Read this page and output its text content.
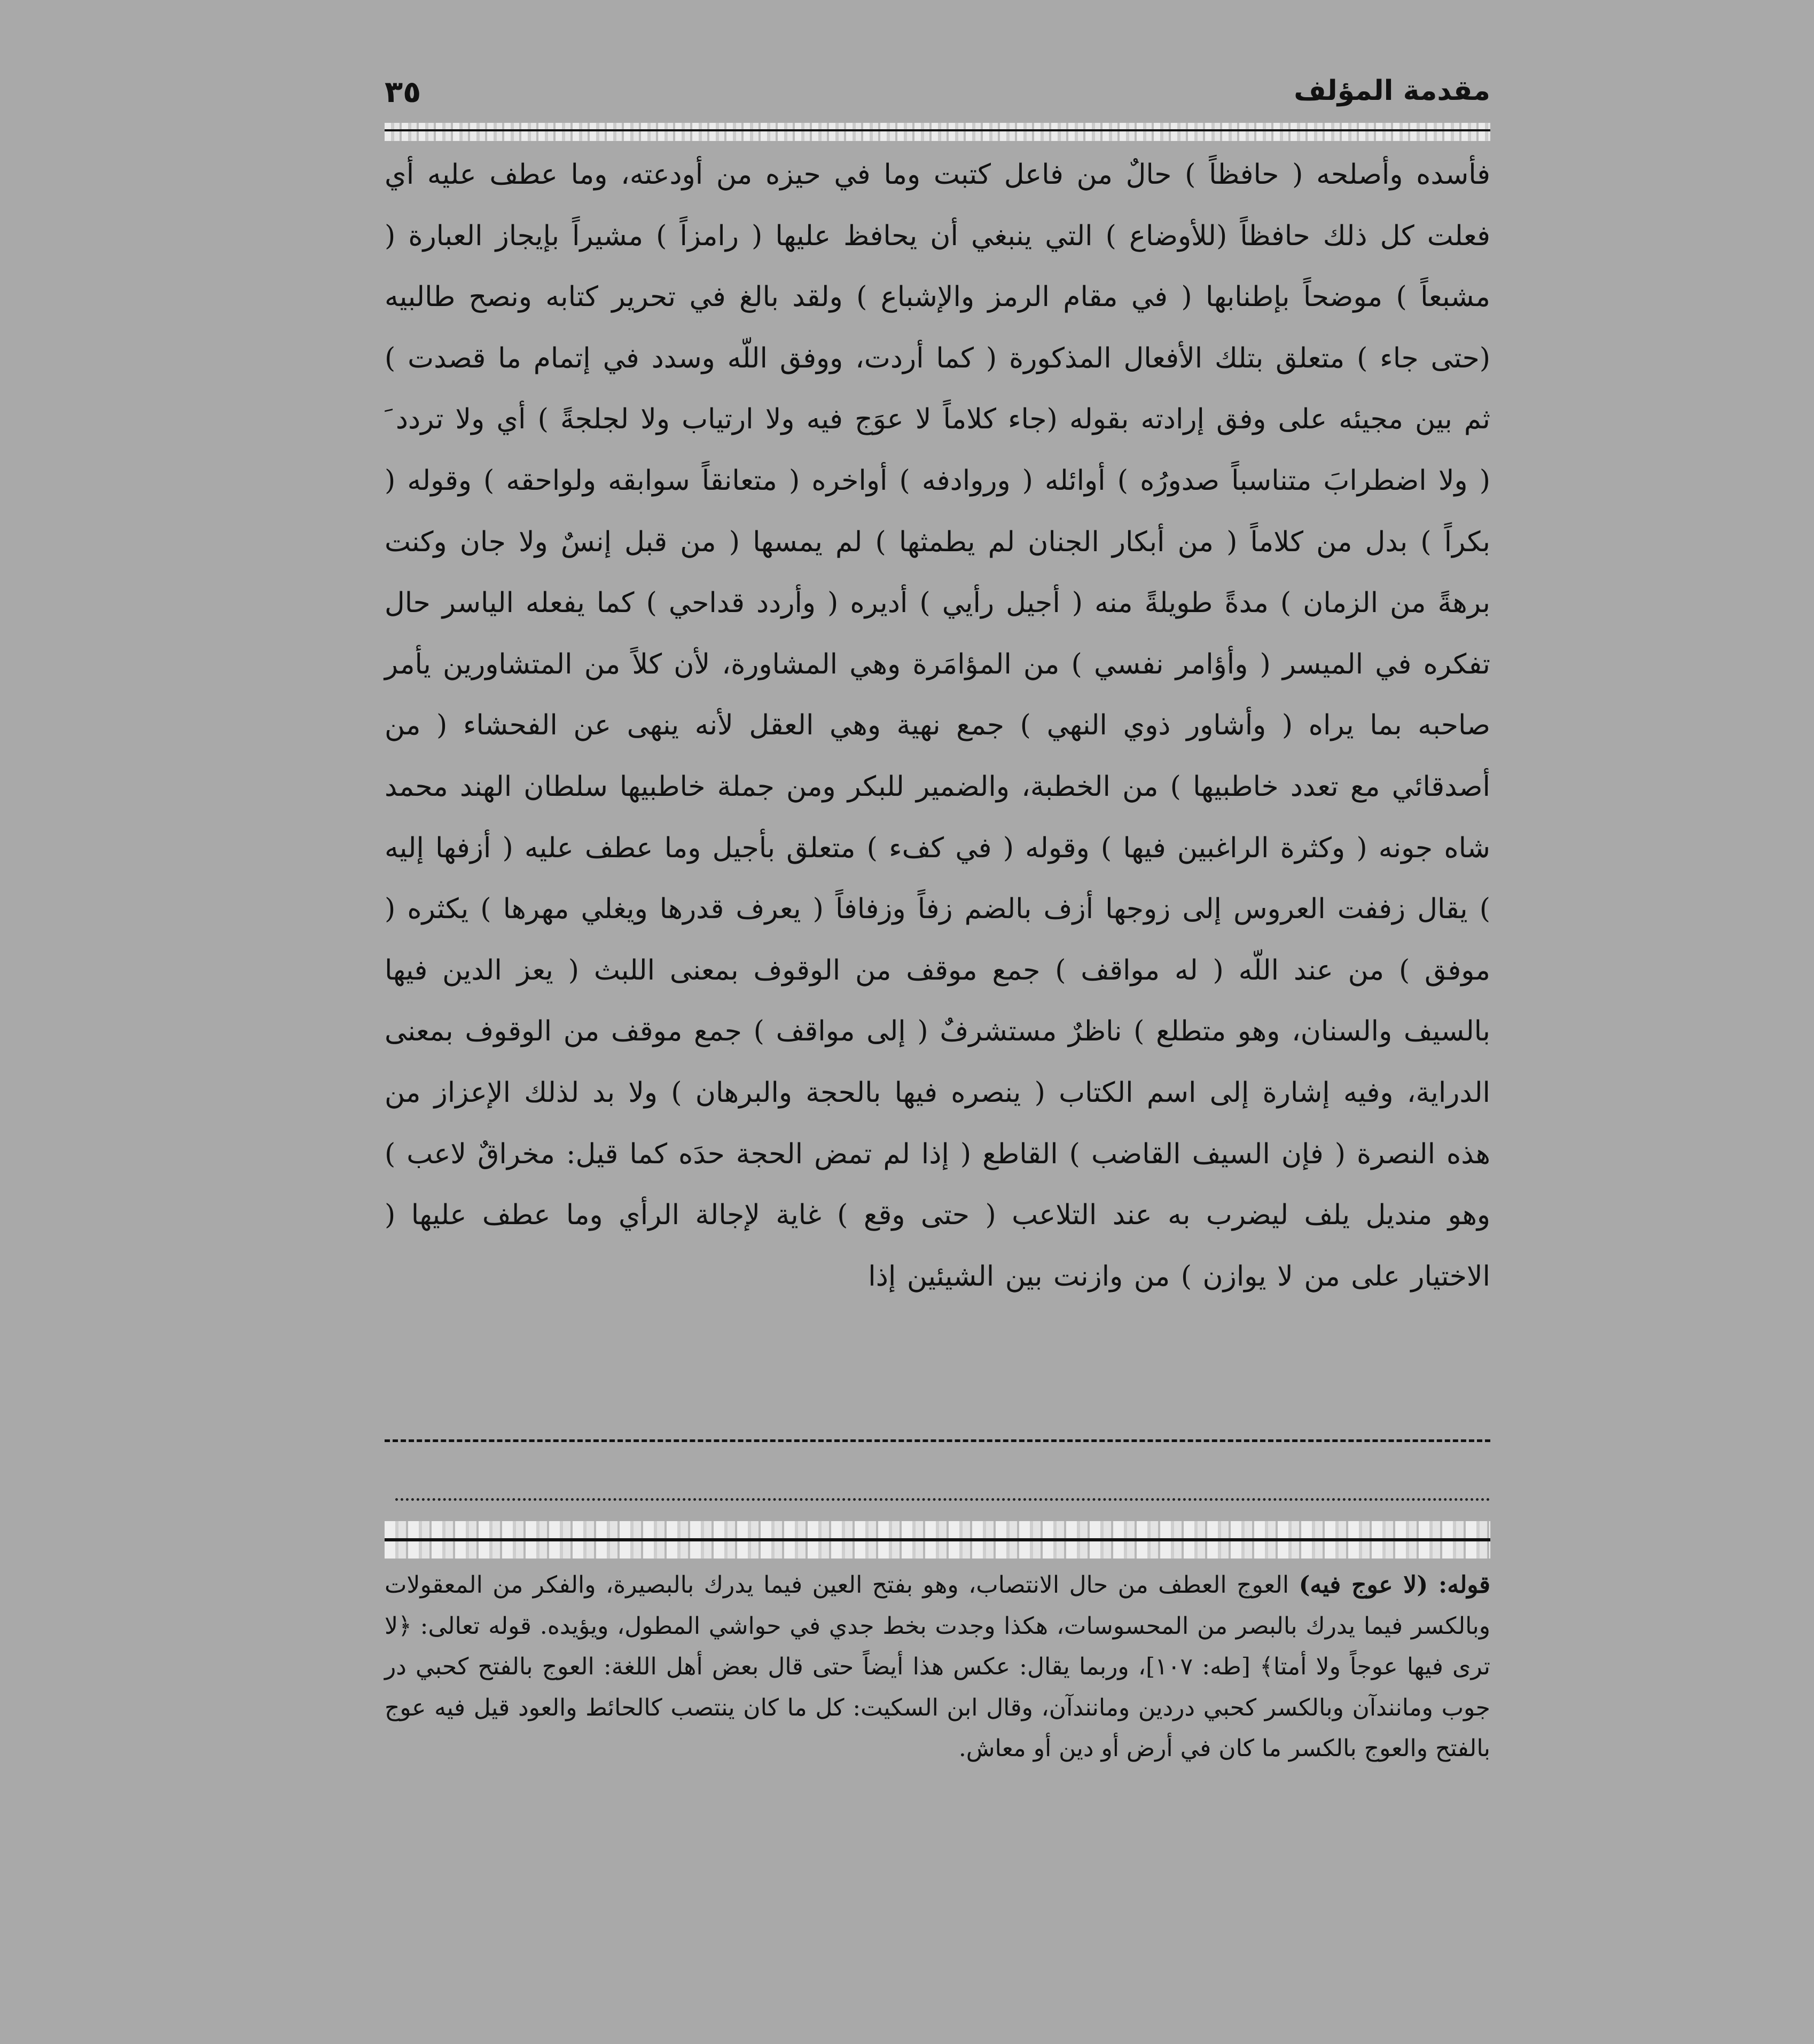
مقدمة المؤلف
٣٥

فأسده وأصلحه ( حافظاً ) حالٌ من فاعل كتبت وما في حيزه من أودعته، وما عطف عليه أي فعلت كل ذلك حافظاً (للأوضاع ) التي ينبغي أن يحافظ عليها ( رامزاً ) مشيراً بإيجاز العبارة ( مشبعاً ) موضحاً بإطنابها ( في مقام الرمز والإشباع ) ولقد بالغ في تحرير كتابه ونصح طالبيه (حتى جاء ) متعلق بتلك الأفعال المذكورة ( كما أردت، ووفق اللّه وسدد في إتمام ما قصدت ) ثم بين مجيئه على وفق إرادته بقوله (جاء كلاماً لا عوَج فيه ولا ارتياب ولا لجلجةً ) أي ولا تردد َ ( ولا اضطرابَ متناسباً صدورُه ) أوائله ( وروادفه ) أواخره ( متعانقاً سوابقه ولواحقه ) وقوله ( بكراً ) بدل من كلاماً ( من أبكار الجنان لم يطمثها ) لم يمسها ( من قبل إنسٌ ولا جان وكنت برهةً من الزمان ) مدةً طويلةً منه ( أجيل رأيي ) أديره ( وأردد قداحي ) كما يفعله الياسر حال تفكره في الميسر ( وأؤامر نفسي ) من المؤامَرة وهي المشاورة، لأن كلاً من المتشاورين يأمر صاحبه بما يراه ( وأشاور ذوي النهي ) جمع نهية وهي العقل لأنه ينهى عن الفحشاء ( من أصدقائي مع تعدد خاطبيها ) من الخطبة، والضمير للبكر ومن جملة خاطبيها سلطان الهند محمد شاه جونه ( وكثرة الراغبين فيها ) وقوله ( في كفء ) متعلق بأجيل وما عطف عليه ( أزفها إليه ) يقال زففت العروس إلى زوجها أزف بالضم زفاً وزفافاً ( يعرف قدرها ويغلي مهرها ) يكثره ( موفق ) من عند اللّه ( له مواقف ) جمع موقف من الوقوف بمعنى اللبث ( يعز الدين فيها بالسيف والسنان، وهو متطلع ) ناظرٌ مستشرفٌ ( إلى مواقف ) جمع موقف من الوقوف بمعنى الدراية، وفيه إشارة إلى اسم الكتاب ( ينصره فيها بالحجة والبرهان ) ولا بد لذلك الإعزاز من هذه النصرة ( فإن السيف القاضب ) القاطع ( إذا لم تمض الحجة حدَه كما قيل: مخراقٌ لاعب ) وهو منديل يلف ليضرب به عند التلاعب ( حتى وقع ) غاية لإجالة الرأي وما عطف عليها ( الاختيار على من لا يوازن ) من وازنت بين الشيئين إذا

قوله: (لا عوج فيه) العوج العطف من حال الانتصاب، وهو بفتح العين فيما يدرك بالبصيرة، والفكر من المعقولات وبالكسر فيما يدرك بالبصر من المحسوسات، هكذا وجدت بخط جدي في حواشي المطول، ويؤيده. قوله تعالى: ﴿لا ترى فيها عوجاً ولا أمتا﴾ [طه: ١٠٧]، وربما يقال: عكس هذا أيضاً حتى قال بعض أهل اللغة: العوج بالفتح كحبي در جوب ومانندآن وبالكسر كحبي دردين ومانندآن، وقال ابن السكيت: كل ما كان ينتصب كالحائط والعود قيل فيه عوج بالفتح والعوج بالكسر ما كان في أرض أو دين أو معاش.
